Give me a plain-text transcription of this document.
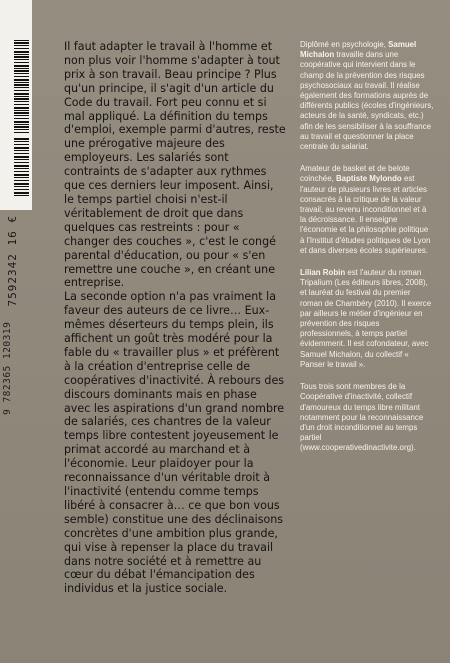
9 782365 120319
7592342 16 €

Il faut adapter le travail à l'homme et non plus voir l'homme s'adapter à tout prix à son travail. Beau principe ? Plus qu'un principe, il s'agit d'un article du Code du travail. Fort peu connu et si mal appliqué. La définition du temps d'emploi, exemple parmi d'autres, reste une prérogative majeure des employeurs. Les salariés sont contraints de s'adapter aux rythmes que ces derniers leur imposent. Ainsi, le temps partiel choisi n'est-il véritablement de droit que dans quelques cas restreints : pour « changer des couches », c'est le congé parental d'éducation, ou pour « s'en remettre une couche », en créant une entreprise.

La seconde option n'a pas vraiment la faveur des auteurs de ce livre… Eux-mêmes déserteurs du temps plein, ils affichent un goût très modéré pour la fable du « travailler plus » et préfèrent à la création d'entreprise celle de coopératives d'inactivité. À rebours des discours dominants mais en phase avec les aspirations d'un grand nombre de salariés, ces chantres de la valeur temps libre contestent joyeusement le primat accordé au marchand et à l'économie. Leur plaidoyer pour la reconnaissance d'un véritable droit à l'inactivité (entendu comme temps libéré à consacrer à… ce que bon vous semble) constitue une des déclinaisons concrètes d'une ambition plus grande, qui vise à repenser la place du travail dans notre société et à remettre au cœur du débat l'émancipation des individus et la justice sociale.

Diplômé en psychologie, Samuel Michalon travaille dans une coopérative qui intervient dans le champ de la prévention des risques psychosociaux au travail. Il réalise également des formations auprès de différents publics (écoles d'ingénieurs, acteurs de la santé, syndicats, etc.) afin de les sensibiliser à la souffrance au travail et questionner la place centrale du salariat.

Amateur de basket et de belote coinchée, Baptiste Mylondo est l'auteur de plusieurs livres et articles consacrés à la critique de la valeur travail, au revenu inconditionnel et à la décroissance. Il enseigne l'économie et la philosophie politique à l'Institut d'études politiques de Lyon et dans diverses écoles supérieures.

Lilian Robin est l'auteur du roman Tripalium (Les éditeurs libres, 2008), et lauréat du festival du premier roman de Chambéry (2010). Il exerce par ailleurs le métier d'ingénieur en prévention des risques professionnels, à temps partiel évidemment. Il est cofondateur, avec Samuel Michalon, du collectif « Panser le travail ».

Tous trois sont membres de la Coopérative d'inactivité, collectif d'amoureux du temps libre militant notamment pour la reconnaissance d'un droit inconditionnel au temps partiel (www.cooperativedinactivite.org).
